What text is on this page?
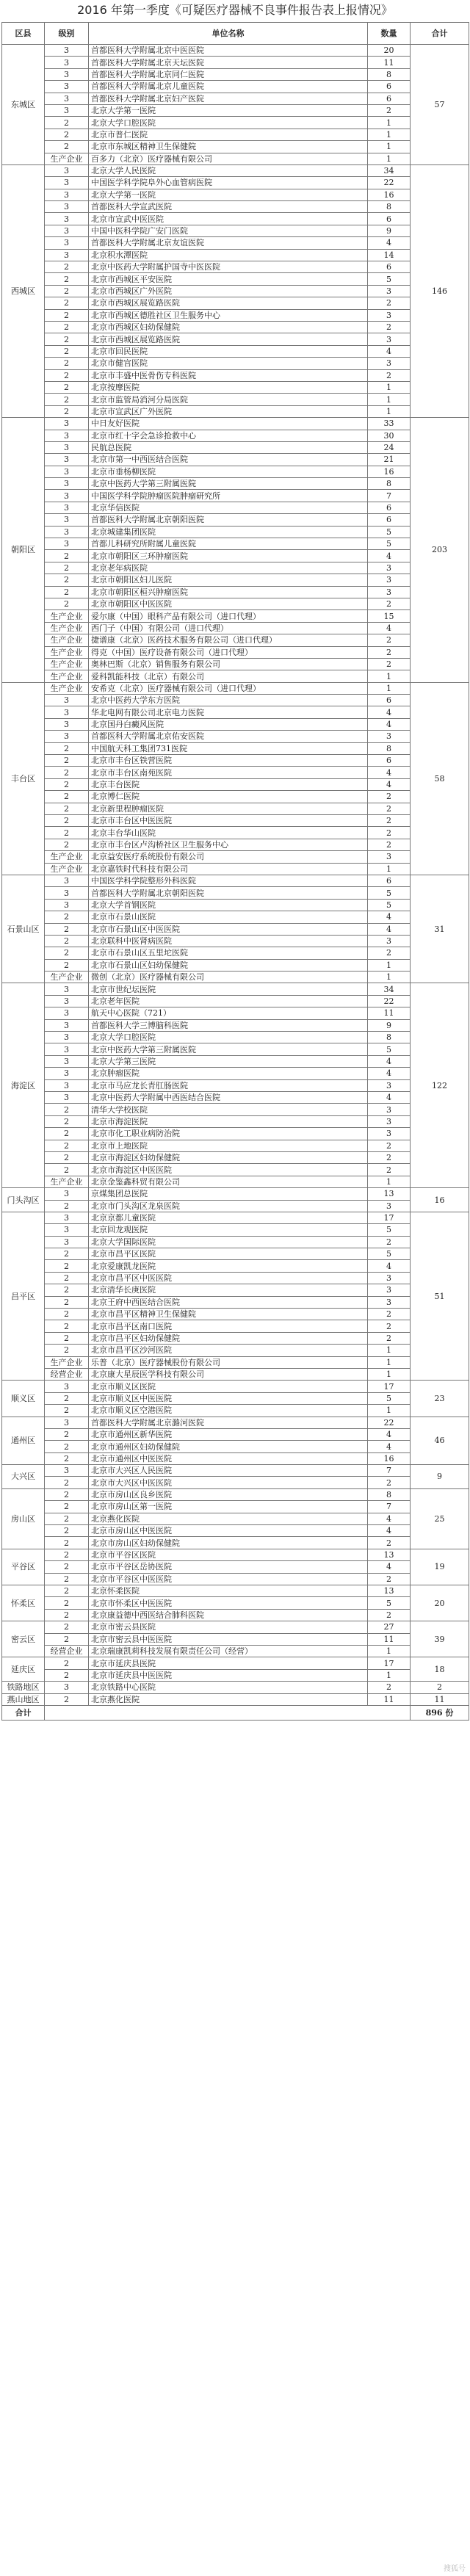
2016 年第一季度《可疑医疗器械不良事件报告表上报情况》
区县	级别	单位名称	数量	合计
东城区	3	首都医科大学附属北京中医医院	20	57
	3	首都医科大学附属北京天坛医院	11	
	3	首都医科大学附属北京同仁医院	8	
	3	首都医科大学附属北京儿童医院	6	
	3	首都医科大学附属北京妇产医院	6	
	3	北京大学第一医院	2	
	2	北京大学口腔医院	1	
	2	北京市普仁医院	1	
	2	北京市东城区精神卫生保健院	1	
	生产企业	百多力（北京）医疗器械有限公司	1	
西城区	3	北京大学人民医院	34	146
	3	中国医学科学院阜外心血管病医院	22	
	3	北京大学第一医院	16	
	3	首都医科大学宣武医院	8	
	3	北京市宣武中医医院	6	
	3	中国中医科学院广安门医院	9	
	3	首都医科大学附属北京友谊医院	4	
	3	北京积水潭医院	14	
	2	北京中医药大学附属护国寺中医医院	6	
	2	北京市西城区平安医院	5	
	2	北京市西城区广外医院	3	
	2	北京市西城区展览路医院	2	
	2	北京市西城区德胜社区卫生服务中心	3	
	2	北京市西城区妇幼保健院	2	
	2	北京市西城区展览路医院	3	
	2	北京市回民医院	4	
	2	北京市健宫医院	3	
	2	北京市丰盛中医骨伤专科医院	2	
	2	北京按摩医院	1	
	2	北京市监管局消河分局医院	1	
	2	北京市宣武区广外医院	1	
朝阳区	3	中日友好医院	33	203
	3	北京市红十字会急诊抢救中心	30	
	3	民航总医院	24	
	3	北京市第一中西医结合医院	21	
	3	北京市垂杨柳医院	16	
	3	北京中医药大学第三附属医院	8	
	3	中国医学科学院肿瘤医院肿瘤研究所	7	
	3	北京华信医院	6	
	3	首都医科大学附属北京朝阳医院	6	
	3	北京城建集团医院	5	
	3	首都儿科研究所附属儿童医院	5	
	2	北京市朝阳区三环肿瘤医院	4	
	2	北京老年病医院	3	
	2	北京市朝阳区妇儿医院	3	
	2	北京市朝阳区桓兴肿瘤医院	3	
	2	北京市朝阳区中医医院	2	
	生产企业	爱尔康（中国）眼科产品有限公司（进口代理）	15	
	生产企业	西门子（中国）有限公司（进口代理）	4	
	生产企业	捷谱康（北京）医药技术服务有限公司（进口代理）	2	
	生产企业	得克（中国）医疗设备有限公司（进口代理）	2	
	生产企业	奥林巴斯（北京）销售服务有限公司	2	
	生产企业	爱科凯能科技（北京）有限公司	1	
丰台区	生产企业	安希克（北京）医疗器械有限公司（进口代理）	1	58
	3	北京中医药大学东方医院	6	
	3	华北电网有限公司北京电力医院	4	
	3	北京国丹白癜风医院	4	
	3	首都医科大学附属北京佑安医院	3	
	2	中国航天科工集团731医院	8	
	2	北京市丰台区铁营医院	6	
	2	北京市丰台区南苑医院	4	
	2	北京丰台医院	4	
	2	北京博仁医院	2	
	2	北京新里程肿瘤医院	2	
	2	北京市丰台区中医医院	2	
	2	北京丰台华山医院	2	
	2	北京市丰台区卢沟桥社区卫生服务中心	2	
	生产企业	北京益安医疗系统股份有限公司	3	
	生产企业	北京嘉铁时代科技有限公司	1	
石景山区	3	中国医学科学院整形外科医院	6	31
	3	首都医科大学附属北京朝阳医院	5	
	3	北京大学首钢医院	5	
	2	北京市石景山医院	4	
	2	北京市石景山区中医医院	4	
	2	北京联科中医肾病医院	3	
	2	北京市石景山区五里坨医院	2	
	2	北京市石景山区妇幼保健院	1	
	生产企业	微创（北京）医疗器械有限公司	1	
海淀区	3	北京市世纪坛医院	34	122
	3	北京老年医院	22	
	3	航天中心医院（721）	11	
	3	首都医科大学三博脑科医院	9	
	3	北京大学口腔医院	8	
	3	北京中医药大学第三附属医院	5	
	3	北京大学第三医院	4	
	3	北京肿瘤医院	4	
	3	北京市马应龙长青肛肠医院	3	
	3	北京中医药大学附属中西医结合医院	4	
	2	清华大学校医院	3	
	2	北京市海淀医院	3	
	2	北京市化工职业病防治院	3	
	2	北京市上地医院	2	
	2	北京市海淀区妇幼保健院	2	
	2	北京市海淀区中医医院	2	
	生产企业	北京金鉴鑫科贸有限公司	1	
门头沟区	3	京煤集团总医院	13	16
	2	北京市门头沟区龙泉医院	3	
昌平区	3	北京京都儿童医院	17	51
	3	北京回龙观医院	5	
	3	北京大学国际医院	2	
	2	北京市昌平区医院	5	
	2	北京爱康凯龙医院	4	
	2	北京市昌平区中医医院	3	
	2	北京清华长庚医院	3	
	2	北京王府中西医结合医院	3	
	2	北京市昌平区精神卫生保健院	2	
	2	北京市昌平区南口医院	2	
	2	北京市昌平区妇幼保健院	2	
	2	北京市昌平区沙河医院	1	
	生产企业	乐普（北京）医疗器械股份有限公司	1	
	经营企业	北京康大星辰医学科技有限公司	1	
顺义区	3	北京市顺义区医院	17	23
	2	北京市顺义区中医医院	5	
	2	北京市顺义区空港医院	1	
通州区	3	首都医科大学附属北京潞河医院	22	46
	2	北京市通州区新华医院	4	
	2	北京市通州区妇幼保健院	4	
	2	北京市通州区中医医院	16	
大兴区	3	北京市大兴区人民医院	7	9
	2	北京市大兴区中医医院	2	
房山区	2	北京市房山区良乡医院	8	25
	2	北京市房山区第一医院	7	
	2	北京燕化医院	4	
	2	北京市房山区中医医院	4	
	2	北京市房山区妇幼保健院	2	
平谷区	2	北京市平谷区医院	13	19
	2	北京市平谷区岳协医院	4	
	2	北京市平谷区中医医院	2	
怀柔区	2	北京怀柔医院	13	20
	2	北京市怀柔区中医医院	5	
	2	北京康益德中西医结合肺科医院	2	
密云区	2	北京市密云县医院	27	39
	2	北京市密云县中医医院	11	
	经营企业	北京瑞康凯莉科技发展有限责任公司（经营）	1	
延庆区	2	北京市延庆县医院	17	18
	2	北京市延庆县中医医院	1	
铁路地区	3	北京铁路中心医院	2	2
燕山地区	2	北京燕化医院	11	11
合计				896 份
搜狐号
